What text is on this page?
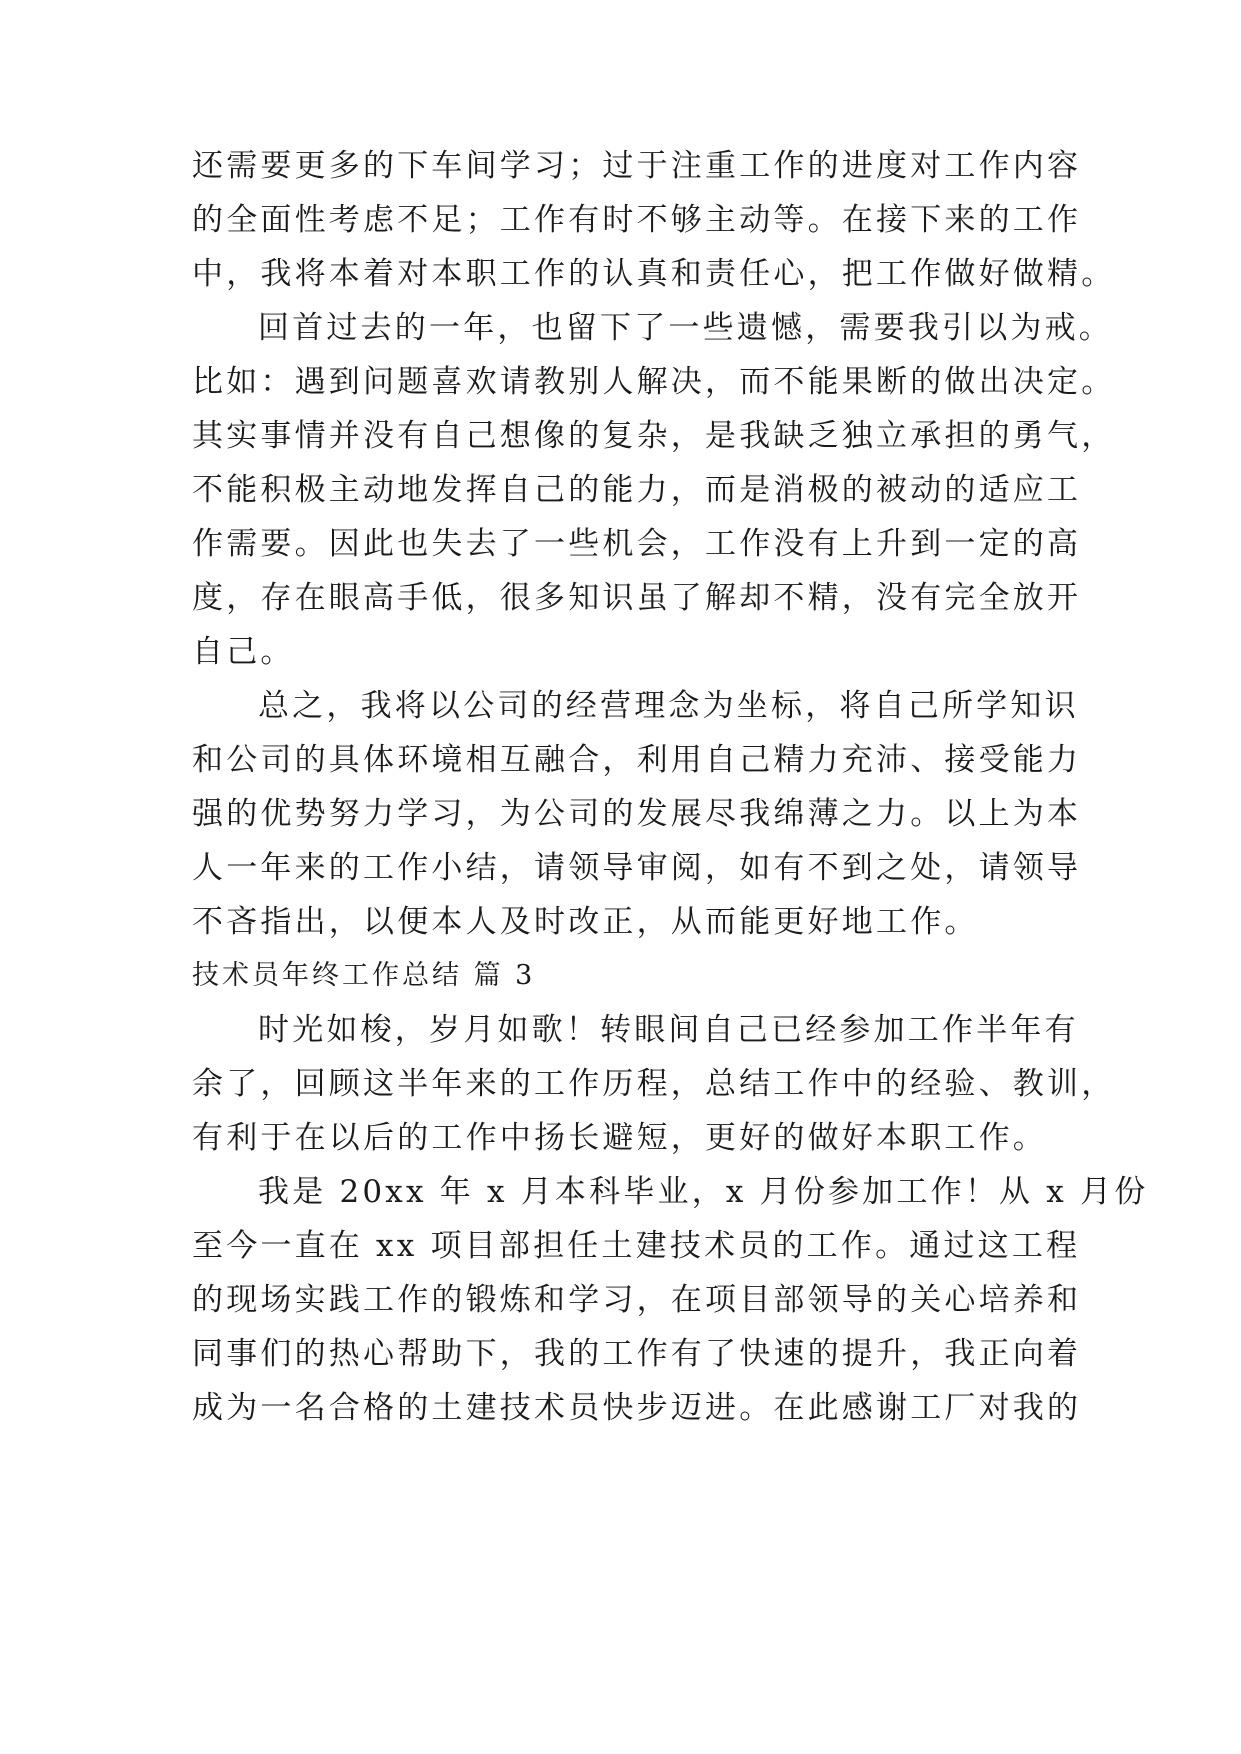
还需要更多的下车间学习；过于注重工作的进度对工作内容
的全面性考虑不足；工作有时不够主动等。在接下来的工作
中，我将本着对本职工作的认真和责任心，把工作做好做精。
回首过去的一年，也留下了一些遗憾，需要我引以为戒。
比如：遇到问题喜欢请教别人解决，而不能果断的做出决定。
其实事情并没有自己想像的复杂，是我缺乏独立承担的勇气，
不能积极主动地发挥自己的能力，而是消极的被动的适应工
作需要。因此也失去了一些机会，工作没有上升到一定的高
度，存在眼高手低，很多知识虽了解却不精，没有完全放开
自己。
总之，我将以公司的经营理念为坐标，将自己所学知识
和公司的具体环境相互融合，利用自己精力充沛、接受能力
强的优势努力学习，为公司的发展尽我绵薄之力。以上为本
人一年来的工作小结，请领导审阅，如有不到之处，请领导
不吝指出，以便本人及时改正，从而能更好地工作。
技术员年终工作总结 篇 3
时光如梭，岁月如歌！转眼间自己已经参加工作半年有
余了，回顾这半年来的工作历程，总结工作中的经验、教训，
有利于在以后的工作中扬长避短，更好的做好本职工作。
我是 20xx 年 x 月本科毕业，x 月份参加工作！从 x 月份
至今一直在 xx 项目部担任土建技术员的工作。通过这工程
的现场实践工作的锻炼和学习，在项目部领导的关心培养和
同事们的热心帮助下，我的工作有了快速的提升，我正向着
成为一名合格的土建技术员快步迈进。在此感谢工厂对我的
